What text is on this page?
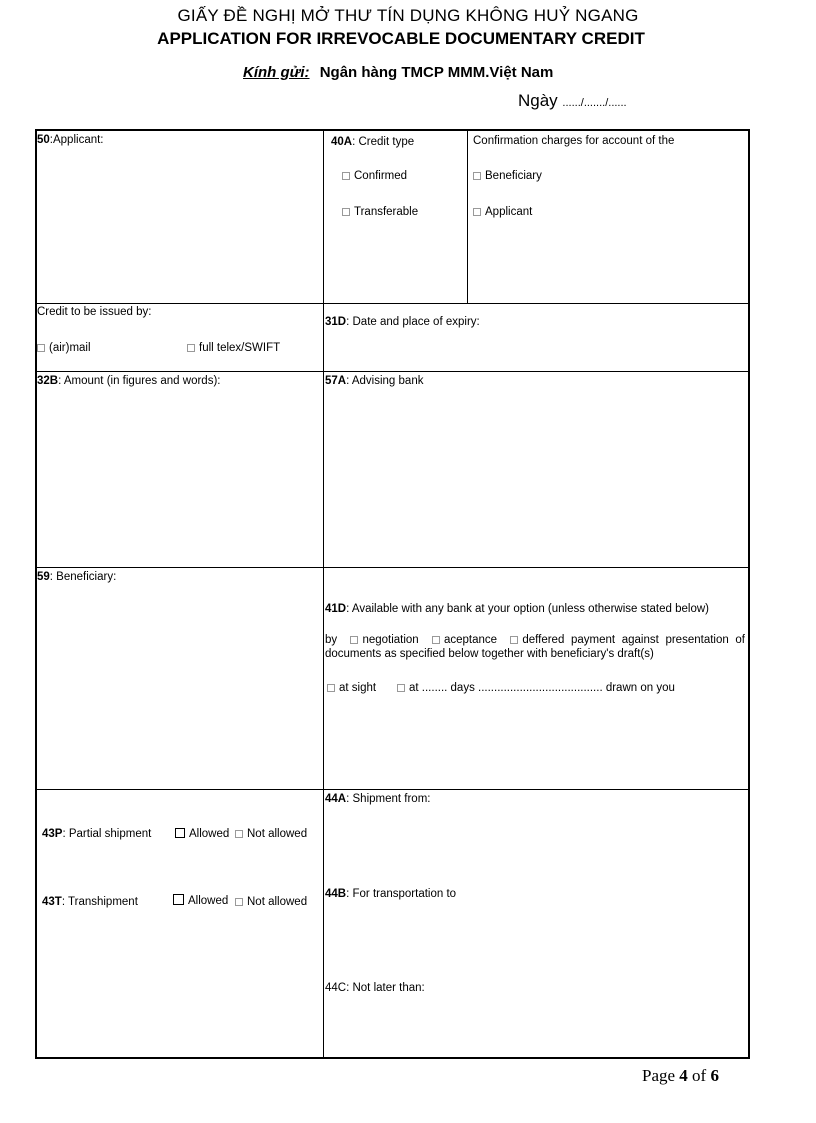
GIẤY ĐỀ NGHỊ MỞ THƯ TÍN DỤNG KHÔNG HUỶ NGANG
APPLICATION FOR IRREVOCABLE DOCUMENTARY CREDIT
Kính gửi: Ngân hàng TMCP MMM.Việt Nam
Ngày ....../......./......
50:Applicant:	40A: Credit type
Confirmed
Transferable
Confirmation charges for account of the
Beneficiary
Applicant
Credit to be issued by:
(air)mail	full telex/SWIFT
31D: Date and place of expiry:
32B: Amount (in figures and words):	57A: Advising bank
59: Beneficiary:
41D: Available with any bank at your option (unless otherwise stated below)
by negotiation aceptance deffered payment against presentation of documents as specified below together with beneficiary's draft(s)
at sight	at ........ days ....................................... drawn on you
43P: Partial shipment	Allowed	Not allowed
43T: Transhipment	Allowed	Not allowed
44A: Shipment from:
44B: For transportation to
44C: Not later than:
Page 4 of 6
